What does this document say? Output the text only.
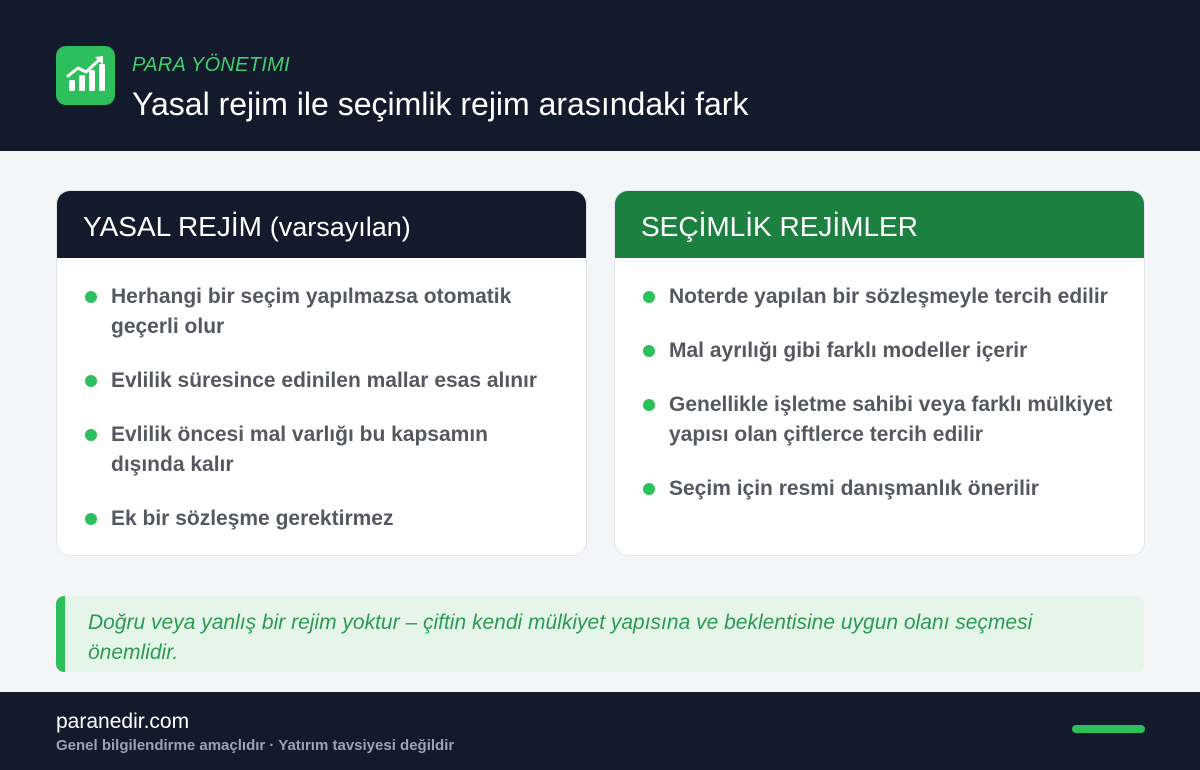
PARA YÖNETIMI
Yasal rejim ile seçimlik rejim arasındaki fark
YASAL REJİM (varsayılan)
Herhangi bir seçim yapılmazsa otomatik geçerli olur
Evlilik süresince edinilen mallar esas alınır
Evlilik öncesi mal varlığı bu kapsamın dışında kalır
Ek bir sözleşme gerektirmez
SEÇİMLİK REJİMLER
Noterde yapılan bir sözleşmeyle tercih edilir
Mal ayrılığı gibi farklı modeller içerir
Genellikle işletme sahibi veya farklı mülkiyet yapısı olan çiftlerce tercih edilir
Seçim için resmi danışmanlık önerilir
Doğru veya yanlış bir rejim yoktur – çiftin kendi mülkiyet yapısına ve beklentisine uygun olanı seçmesi önemlidir.
paranedir.com
Genel bilgilendirme amaçlıdır · Yatırım tavsiyesi değildir
